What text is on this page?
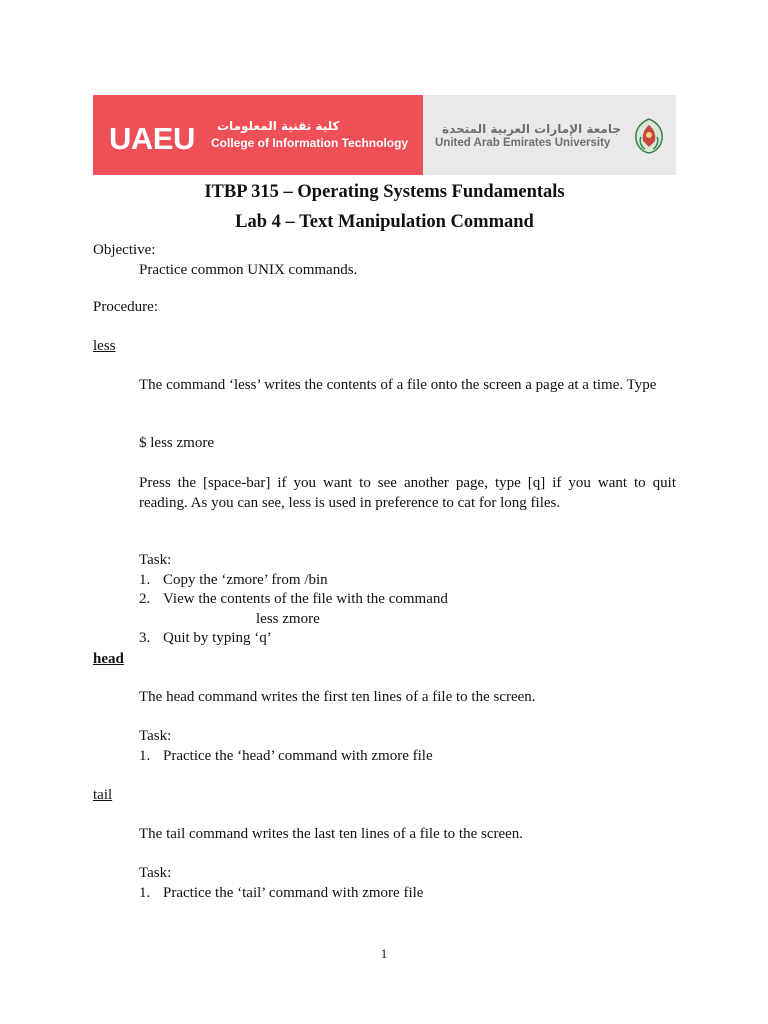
UAEU كلية تقنية المعلومات
College of Information Technology
جامعة الإمارات العربية المتحدة
United Arab Emirates University

ITBP 315 – Operating Systems Fundamentals

Lab 4 – Text Manipulation Command

Objective:

Practice common UNIX commands.

Procedure:

less

The command ‘less’ writes the contents of a file onto the screen a page at a time. Type

$ less zmore

Press the [space-bar] if you want to see another page, type [q] if you want to quit reading. As you can see, less is used in preference to cat for long files.

Task:

1. Copy the ‘zmore’ from /bin

2. View the contents of the file with the command

less zmore

3. Quit by typing ‘q’

head

The head command writes the first ten lines of a file to the screen.

Task:

1. Practice the ‘head’ command with zmore file

tail

The tail command writes the last ten lines of a file to the screen.

Task:

1. Practice the ‘tail’ command with zmore file

1
